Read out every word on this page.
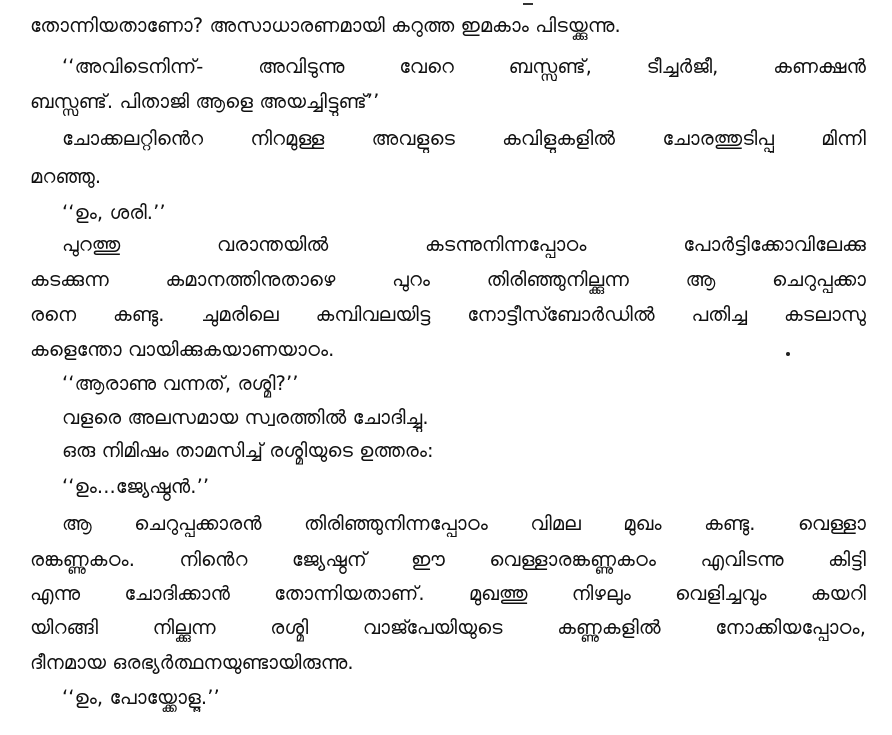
തോന്നിയതാണോ? അസാധാരണമായി കറുത്ത ഇമകാം പിടയ്ക്കുന്നു.
‘‘അവിടെനിന്ന്- അവിടുന്നു വേറെ ബസ്സുണ്ട്, ടീച്ചർജീ, കണക്ഷൻ
ബസ്സുണ്ട്. പിതാജി ആളെ അയച്ചിട്ടുണ്ട്’’
ചോക്കലറ്റിൻെറ നിറമുള്ള അവളുടെ കവിളുകളിൽ ചോരത്തുടിപ്പു മിന്നി
മറഞ്ഞു.
‘‘ഉം, ശരി.’’
പുറത്തു വരാന്തയിൽ കടന്നുനിന്നപ്പോഠം പോർട്ടിക്കോവിലേക്കു
കടക്കുന്ന കമാനത്തിനുതാഴെ പുറം തിരിഞ്ഞുനില്ക്കുന്ന ആ ചെറുപ്പക്കാ
രനെ കണ്ടു. ചുമരിലെ കമ്പിവലയിട്ട നോട്ടീസ്ബോർഡിൽ പതിച്ച കടലാസു
കളെന്തോ വായിക്കുകയാണയാഠം.
‘‘ആരാണു വന്നത്, രശ്മി?’’
വളരെ അലസമായ സ്വരത്തിൽ ചോദിച്ചു.
ഒരു നിമിഷം താമസിച്ച് രശ്മിയുടെ ഉത്തരം:
‘‘ഉം...ജ്യേഷ്ഠൻ.’’
ആ ചെറുപ്പക്കാരൻ തിരിഞ്ഞുനിന്നപ്പോഠം വിമല മുഖം കണ്ടു. വെള്ളാ
രങ്കണ്ണുകഠം. നിൻെറ ജ്യേഷ്ഠന് ഈ വെള്ളാരങ്കണ്ണുകഠം എവിടന്നു കിട്ടി
എന്നു ചോദിക്കാൻ തോന്നിയതാണ്. മുഖത്തു നിഴലും വെളിച്ചവും കയറി
യിറങ്ങി നില്ക്കുന്ന രശ്മി വാജ്പേയിയുടെ കണ്ണുകളിൽ നോക്കിയപ്പോഠം,
ദീനമായ ഒരഭ്യർത്ഥനയുണ്ടായിരുന്നു.
‘‘ഉം, പോയ്ക്കോളൂ.’’
